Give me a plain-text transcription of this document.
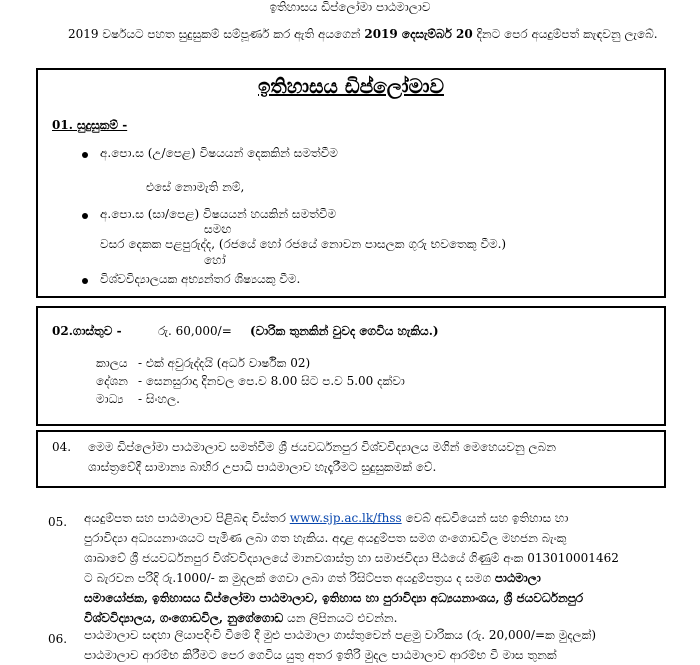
ඉතිහාසය ඩිප්ලෝමා පාඨමාලාව
2019 වර්ෂයට පහත සුදුසුකම් සම්පූර්ණ කර ඇති අයගෙන් 2019 දෙසැම්බර් 20 දිනට පෙර අයදුම්පත් කැඳවනු ලැබේ.
ඉතිහාසය ඩිප්ලෝමාව
01. සුදුසුකම් -
අ.පො.ස (උ/පෙළ) විෂයයන් දෙකකින් සමත්වීම
එසේ නොමැති නම්,
අ.පො.ස (සා/පෙළ) විෂයයන් හයකින් සමත්වීම
සමඟ
වසර දෙකක පළපුරුද්ද, (රජයේ හෝ රජයේ නොවන පාසලක ගුරු භවතෙකු වීම.)
හෝ
විශ්වවිද්‍යාලයක අභ්‍යන්තර ශිෂ්‍යයකු වීම.
02.ගාස්තුව -	රු. 60,000/= (වාරික තුනකින් වුවද ගෙවිය හැකිය.)
කාලය - එක් අවුරුද්දයි (අර්ධ වාර්ෂික 02)
දේශන - සෙනසුරාදා දිනවල පෙ.ව 8.00 සිට ප.ව 5.00 දක්වා
මාධ්‍ය - සිංහල.
04. මෙම ඩිප්ලෝමා පාඨමාලාව සමත්වීම ශ්‍රී ජයවර්ධනපුර විශ්වවිද්‍යාලය මගින් මෙහෙයවනු ලබන
ශාස්ත්‍රවේදී සාමාන්‍ය බාහිර උපාධි පාඨමාලාව හැදෑරීමට සුදුසුකමක් වේ.
05. අයදුම්පත සහ පාඨමාලාව පිළිබඳ විස්තර www.sjp.ac.lk/fhss වෙබ් අඩවියෙන් සහ ඉතිහාස හා
පුරාවිද්‍යා අධ්‍යයනාංශයට පැමිණ ලබා ගත හැකිය. අදාළ අයදුම්පත සමග ගංගොඩවිල මහජන බැංකු
ශාඛාවේ ශ්‍රී ජයවර්ධනපුර විශ්වවිද්‍යාලයේ මානවශාස්ත්‍ර හා සමාජවිද්‍යා පීඨයේ ගිණුම් අංක 013010001462
ට බැරවන පරිදි රු.1000/- ක මුදලක් ගෙවා ලබා ගත් රිසිට්පත අයදුම්පත්‍රය ද සමග පාඨමාලා
සමායෝජක, ඉතිහාසය ඩිප්ලෝමා පාඨමාලාව, ඉතිහාස හා පුරාවිද්‍යා අධ්‍යයනාංශය, ශ්‍රී ජයවර්ධනපුර
විශ්වවිද්‍යාලය, ගංගොඩවිල, නුගේගොඩ යන ලිපිනයට එවන්න.
06. පාඨමාලාව සඳහා ලියාපදිංචි වීමේ දී මුළු පාඨමාලා ගාස්තුවෙන් පළමු වාරිකය (රු. 20,000/=ක මුදලක්)
පාඨමාලාව ආරම්භ කිරීමට පෙර ගෙවිය යුතු අතර ඉතිරි මුදල පාඨමාලාව ආරම්භ වී මාස තුනක්
